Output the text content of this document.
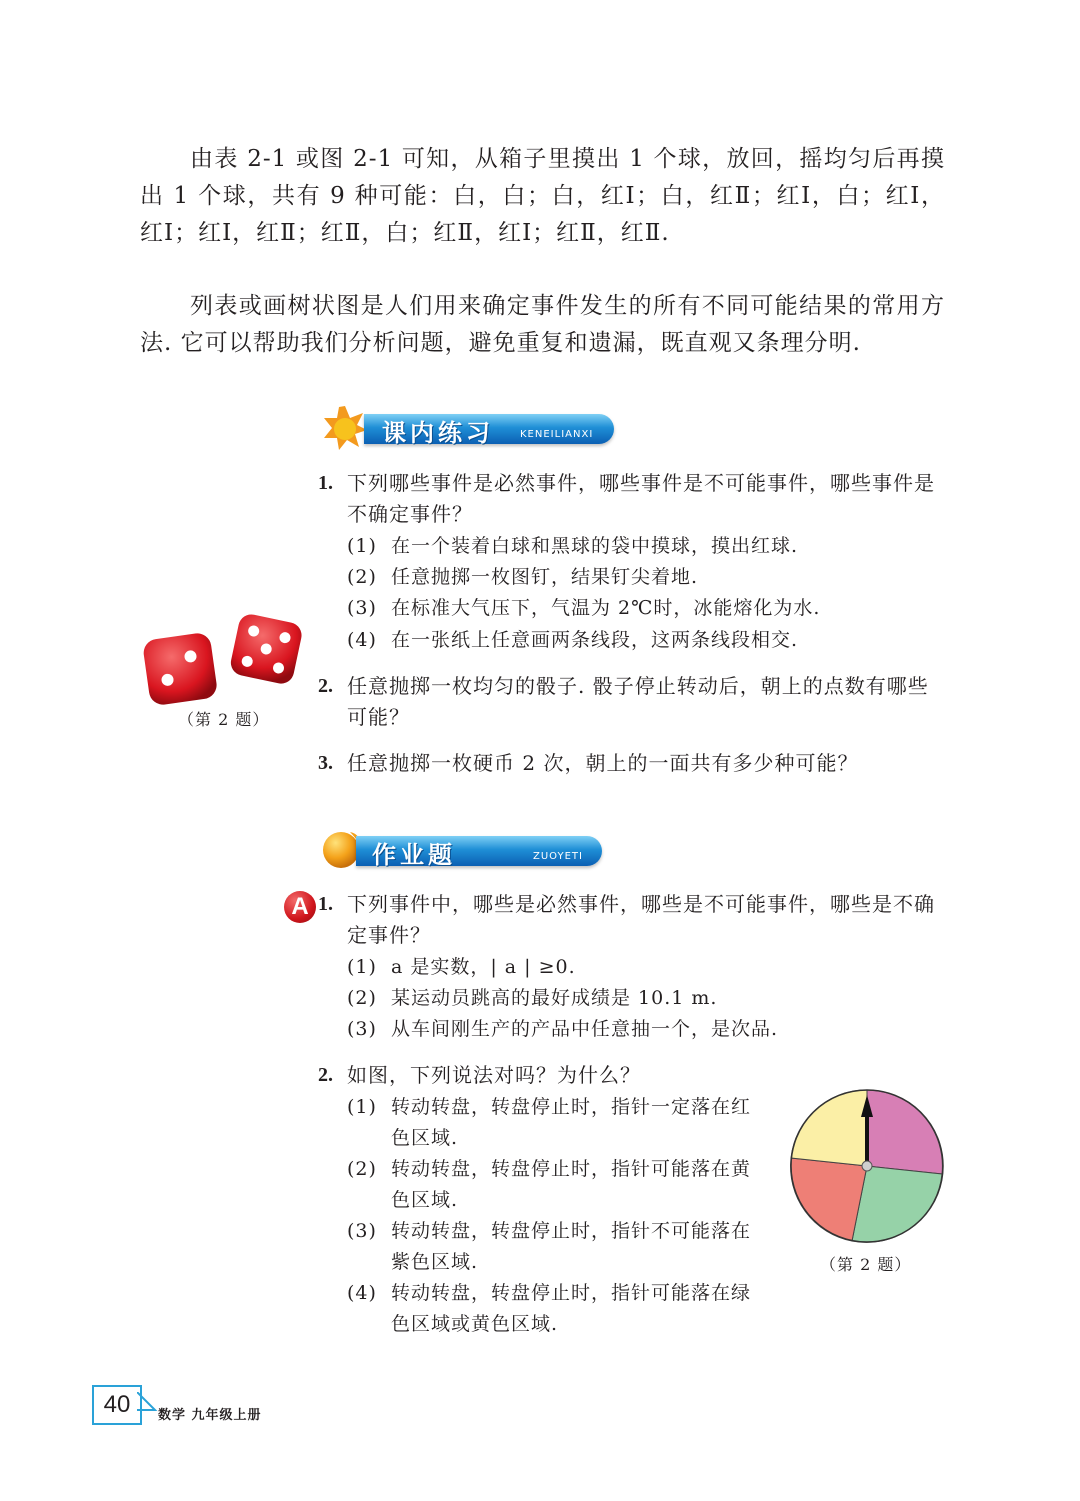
由表 2-1 或图 2-1 可知，从箱子里摸出 1 个球，放回，摇均匀后再摸出 1 个球，共有 9 种可能：白，白；白，红Ⅰ；白，红Ⅱ；红Ⅰ，白；红Ⅰ，红Ⅰ；红Ⅰ，红Ⅱ；红Ⅱ，白；红Ⅱ，红Ⅰ；红Ⅱ，红Ⅱ.

列表或画树状图是人们用来确定事件发生的所有不同可能结果的常用方法. 它可以帮助我们分析问题，避免重复和遗漏，既直观又条理分明.

课内练习	KENEILIANXI
1. 下列哪些事件是必然事件，哪些事件是不可能事件，哪些事件是不确定事件？

(1) 在一个装着白球和黑球的袋中摸球，摸出红球.

(2) 任意抛掷一枚图钉，结果钉尖着地.

(3) 在标准大气压下，气温为 2℃时，冰能熔化为水.

(4) 在一张纸上任意画两条线段，这两条线段相交.

（第 2 题）
2. 任意抛掷一枚均匀的骰子. 骰子停止转动后，朝上的点数有哪些可能？

3. 任意抛掷一枚硬币 2 次，朝上的一面共有多少种可能？

作业题	ZUOYETI
A 1. 下列事件中，哪些是必然事件，哪些是不可能事件，哪些是不确定事件？

(1) a 是实数，| a | ≥0.

(2) 某运动员跳高的最好成绩是 10.1 m.

(3) 从车间刚生产的产品中任意抽一个，是次品.

2. 如图，下列说法对吗？为什么？

(1) 转动转盘，转盘停止时，指针一定落在红

色区域.

(2) 转动转盘，转盘停止时，指针可能落在黄

色区域.

(3) 转动转盘，转盘停止时，指针不可能落在

紫色区域.

(4) 转动转盘，转盘停止时，指针可能落在绿

色区域或黄色区域.

（第 2 题）
40	数学 九年级上册
